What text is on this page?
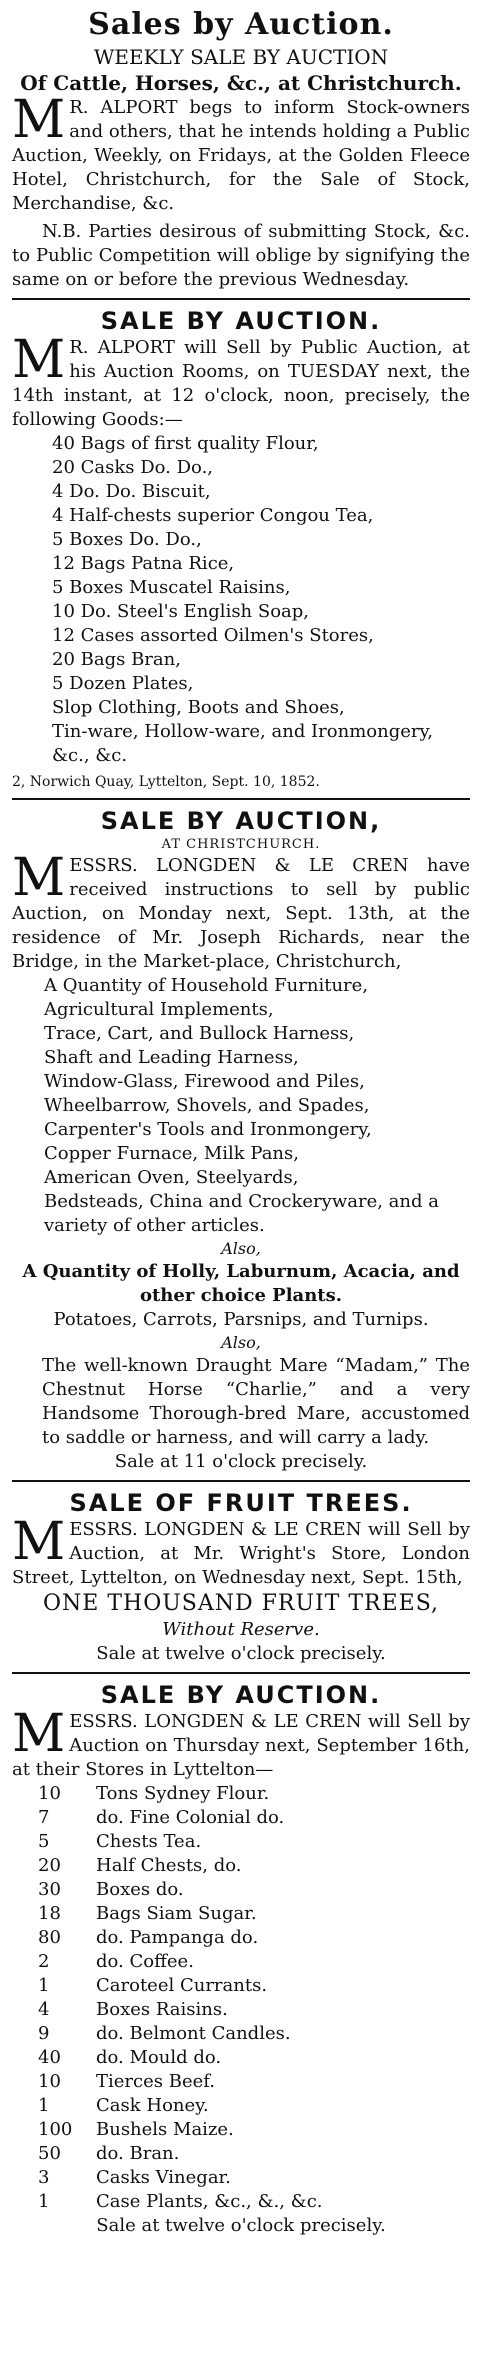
Sales by Auction.
WEEKLY SALE BY AUCTION
Of Cattle, Horses, &c., at Christchurch.

M R. ALPORT begs to inform Stock-owners and others, that he intends holding a Public Auction, Weekly, on Fridays, at the Golden Fleece Hotel, Christchurch, for the Sale of Stock, Merchandise, &c.

N.B. Parties desirous of submitting Stock, &c. to Public Competition will oblige by signifying the same on or before the previous Wednesday.

SALE BY AUCTION.

M R. ALPORT will Sell by Public Auction, at his Auction Rooms, on TUESDAY next, the 14th instant, at 12 o'clock, noon, precisely, the following Goods:—

40 Bags of first quality Flour,
20 Casks Do. Do.,
4 Do. Do. Biscuit,
4 Half-chests superior Congou Tea,
5 Boxes Do. Do.,
12 Bags Patna Rice,
5 Boxes Muscatel Raisins,
10 Do. Steel's English Soap,
12 Cases assorted Oilmen's Stores,
20 Bags Bran,
5 Dozen Plates,
Slop Clothing, Boots and Shoes,
Tin-ware, Hollow-ware, and Ironmongery,
&c., &c.
2, Norwich Quay, Lyttelton, Sept. 10, 1852.
SALE BY AUCTION,
AT CHRISTCHURCH.

MESSRS. LONGDEN & LE CREN have received instructions to sell by public Auction, on Monday next, Sept. 13th, at the residence of Mr. Joseph Richards, near the Bridge, in the Market-place, Christchurch,

A Quantity of Household Furniture,
Agricultural Implements,
Trace, Cart, and Bullock Harness,
Shaft and Leading Harness,
Window-Glass, Firewood and Piles,
Wheelbarrow, Shovels, and Spades,
Carpenter's Tools and Ironmongery,
Copper Furnace, Milk Pans,
American Oven, Steelyards,
Bedsteads, China and Crockeryware, and a
variety of other articles.
Also,
A Quantity of Holly, Laburnum, Acacia, and other choice Plants.
Potatoes, Carrots, Parsnips, and Turnips.
Also,

The well-known Draught Mare “Madam,” The Chestnut Horse “Charlie,” and a very Handsome Thorough-bred Mare, accustomed to saddle or harness, and will carry a lady.

Sale at 11 o'clock precisely.
SALE OF FRUIT TREES.

MESSRS. LONGDEN & LE CREN will Sell by Auction, at Mr. Wright's Store, London Street, Lyttelton, on Wednesday next, Sept. 15th,

ONE THOUSAND FRUIT TREES,
Without Reserve.
Sale at twelve o'clock precisely.
SALE BY AUCTION.

MESSRS. LONGDEN & LE CREN will Sell by Auction on Thursday next, September 16th, at their Stores in Lyttelton—

10	Tons Sydney Flour.
7	do. Fine Colonial do.
5	Chests Tea.
20	Half Chests, do.
30	Boxes do.
18	Bags Siam Sugar.
80	do. Pampanga do.
2	do. Coffee.
1	Caroteel Currants.
4	Boxes Raisins.
9	do. Belmont Candles.
40	do. Mould do.
10	Tierces Beef.
1	Cask Honey.
100	Bushels Maize.
50	do. Bran.
3	Casks Vinegar.
1	Case Plants, &c., &., &c.
Sale at twelve o'clock precisely.
